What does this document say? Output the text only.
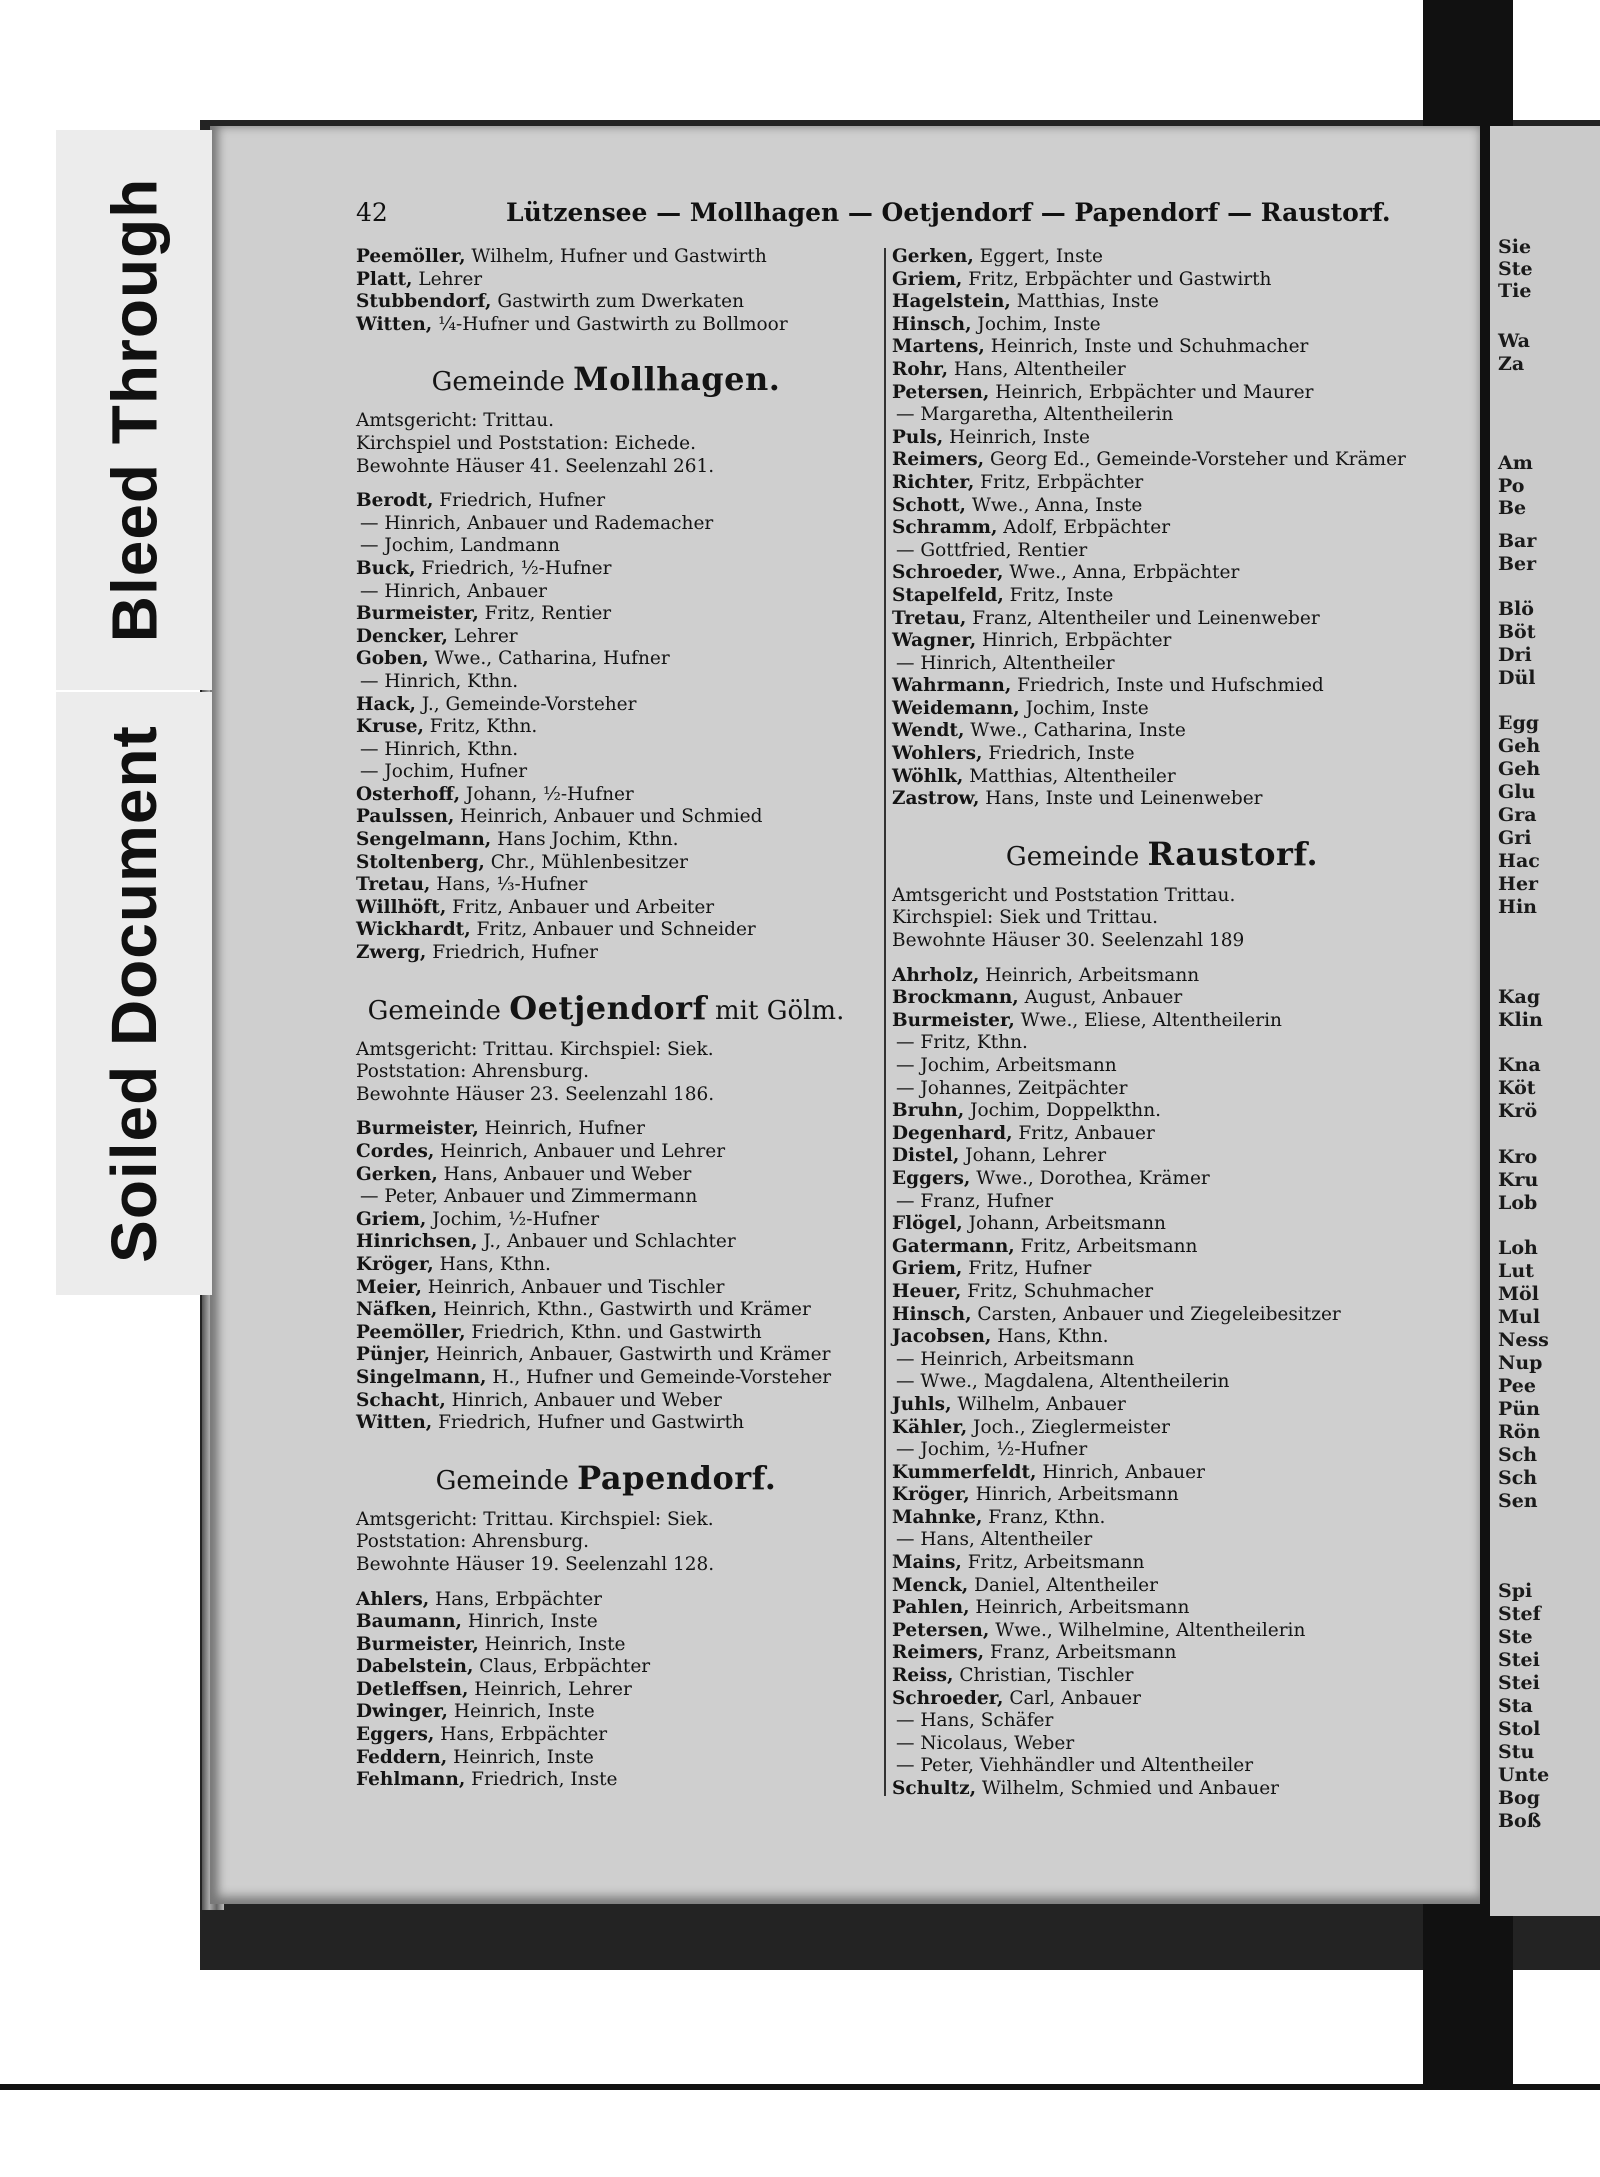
Sie
Ste
Tie
Wa
Za
Am
Po
Be
Bar
Ber
Blö
Böt
Dri
Dül
Egg
Geh
Geh
Glu
Gra
Gri
Hac
Her
Hin
Kag
Klin
Kna
Köt
Krö
Kro
Kru
Lob
Loh
Lut
Möl
Mul
Ness
Nup
Pee
Pün
Rön
Sch
Sch
Sen
Spi
Stef
Ste
Stei
Stei
Sta
Stol
Stu
Unte
Bog
Boß
Bleed Through
Soiled Document
42	Lützensee — Mollhagen — Oetjendorf — Papendorf — Raustorf.
Peemöller, Wilhelm, Hufner und Gastwirth
Platt, Lehrer
Stubbendorf, Gastwirth zum Dwerkaten
Witten, ¼-Hufner und Gastwirth zu Bollmoor
Gemeinde Mollhagen.
Amtsgericht: Trittau.
Kirchspiel und Poststation: Eichede.
Bewohnte Häuser 41. Seelenzahl 261.
Berodt, Friedrich, Hufner
— Hinrich, Anbauer und Rademacher
— Jochim, Landmann
Buck, Friedrich, ½-Hufner
— Hinrich, Anbauer
Burmeister, Fritz, Rentier
Dencker, Lehrer
Goben, Wwe., Catharina, Hufner
— Hinrich, Kthn.
Hack, J., Gemeinde-Vorsteher
Kruse, Fritz, Kthn.
— Hinrich, Kthn.
— Jochim, Hufner
Osterhoff, Johann, ½-Hufner
Paulssen, Heinrich, Anbauer und Schmied
Sengelmann, Hans Jochim, Kthn.
Stoltenberg, Chr., Mühlenbesitzer
Tretau, Hans, ⅓-Hufner
Willhöft, Fritz, Anbauer und Arbeiter
Wickhardt, Fritz, Anbauer und Schneider
Zwerg, Friedrich, Hufner
Gemeinde Oetjendorf mit Gölm.
Amtsgericht: Trittau. Kirchspiel: Siek.
Poststation: Ahrensburg.
Bewohnte Häuser 23. Seelenzahl 186.
Burmeister, Heinrich, Hufner
Cordes, Heinrich, Anbauer und Lehrer
Gerken, Hans, Anbauer und Weber
— Peter, Anbauer und Zimmermann
Griem, Jochim, ½-Hufner
Hinrichsen, J., Anbauer und Schlachter
Kröger, Hans, Kthn.
Meier, Heinrich, Anbauer und Tischler
Näfken, Heinrich, Kthn., Gastwirth und Krämer
Peemöller, Friedrich, Kthn. und Gastwirth
Pünjer, Heinrich, Anbauer, Gastwirth und Krämer
Singelmann, H., Hufner und Gemeinde-Vorsteher
Schacht, Hinrich, Anbauer und Weber
Witten, Friedrich, Hufner und Gastwirth
Gemeinde Papendorf.
Amtsgericht: Trittau. Kirchspiel: Siek.
Poststation: Ahrensburg.
Bewohnte Häuser 19. Seelenzahl 128.
Ahlers, Hans, Erbpächter
Baumann, Hinrich, Inste
Burmeister, Heinrich, Inste
Dabelstein, Claus, Erbpächter
Detleffsen, Heinrich, Lehrer
Dwinger, Heinrich, Inste
Eggers, Hans, Erbpächter
Feddern, Heinrich, Inste
Fehlmann, Friedrich, Inste
Gerken, Eggert, Inste
Griem, Fritz, Erbpächter und Gastwirth
Hagelstein, Matthias, Inste
Hinsch, Jochim, Inste
Martens, Heinrich, Inste und Schuhmacher
Rohr, Hans, Altentheiler
Petersen, Heinrich, Erbpächter und Maurer
— Margaretha, Altentheilerin
Puls, Heinrich, Inste
Reimers, Georg Ed., Gemeinde-Vorsteher und Krämer
Richter, Fritz, Erbpächter
Schott, Wwe., Anna, Inste
Schramm, Adolf, Erbpächter
— Gottfried, Rentier
Schroeder, Wwe., Anna, Erbpächter
Stapelfeld, Fritz, Inste
Tretau, Franz, Altentheiler und Leinenweber
Wagner, Hinrich, Erbpächter
— Hinrich, Altentheiler
Wahrmann, Friedrich, Inste und Hufschmied
Weidemann, Jochim, Inste
Wendt, Wwe., Catharina, Inste
Wohlers, Friedrich, Inste
Wöhlk, Matthias, Altentheiler
Zastrow, Hans, Inste und Leinenweber
Gemeinde Raustorf.
Amtsgericht und Poststation Trittau.
Kirchspiel: Siek und Trittau.
Bewohnte Häuser 30. Seelenzahl 189
Ahrholz, Heinrich, Arbeitsmann
Brockmann, August, Anbauer
Burmeister, Wwe., Eliese, Altentheilerin
— Fritz, Kthn.
— Jochim, Arbeitsmann
— Johannes, Zeitpächter
Bruhn, Jochim, Doppelkthn.
Degenhard, Fritz, Anbauer
Distel, Johann, Lehrer
Eggers, Wwe., Dorothea, Krämer
— Franz, Hufner
Flögel, Johann, Arbeitsmann
Gatermann, Fritz, Arbeitsmann
Griem, Fritz, Hufner
Heuer, Fritz, Schuhmacher
Hinsch, Carsten, Anbauer und Ziegeleibesitzer
Jacobsen, Hans, Kthn.
— Heinrich, Arbeitsmann
— Wwe., Magdalena, Altentheilerin
Juhls, Wilhelm, Anbauer
Kähler, Joch., Zieglermeister
— Jochim, ½-Hufner
Kummerfeldt, Hinrich, Anbauer
Kröger, Hinrich, Arbeitsmann
Mahnke, Franz, Kthn.
— Hans, Altentheiler
Mains, Fritz, Arbeitsmann
Menck, Daniel, Altentheiler
Pahlen, Heinrich, Arbeitsmann
Petersen, Wwe., Wilhelmine, Altentheilerin
Reimers, Franz, Arbeitsmann
Reiss, Christian, Tischler
Schroeder, Carl, Anbauer
— Hans, Schäfer
— Nicolaus, Weber
— Peter, Viehhändler und Altentheiler
Schultz, Wilhelm, Schmied und Anbauer
